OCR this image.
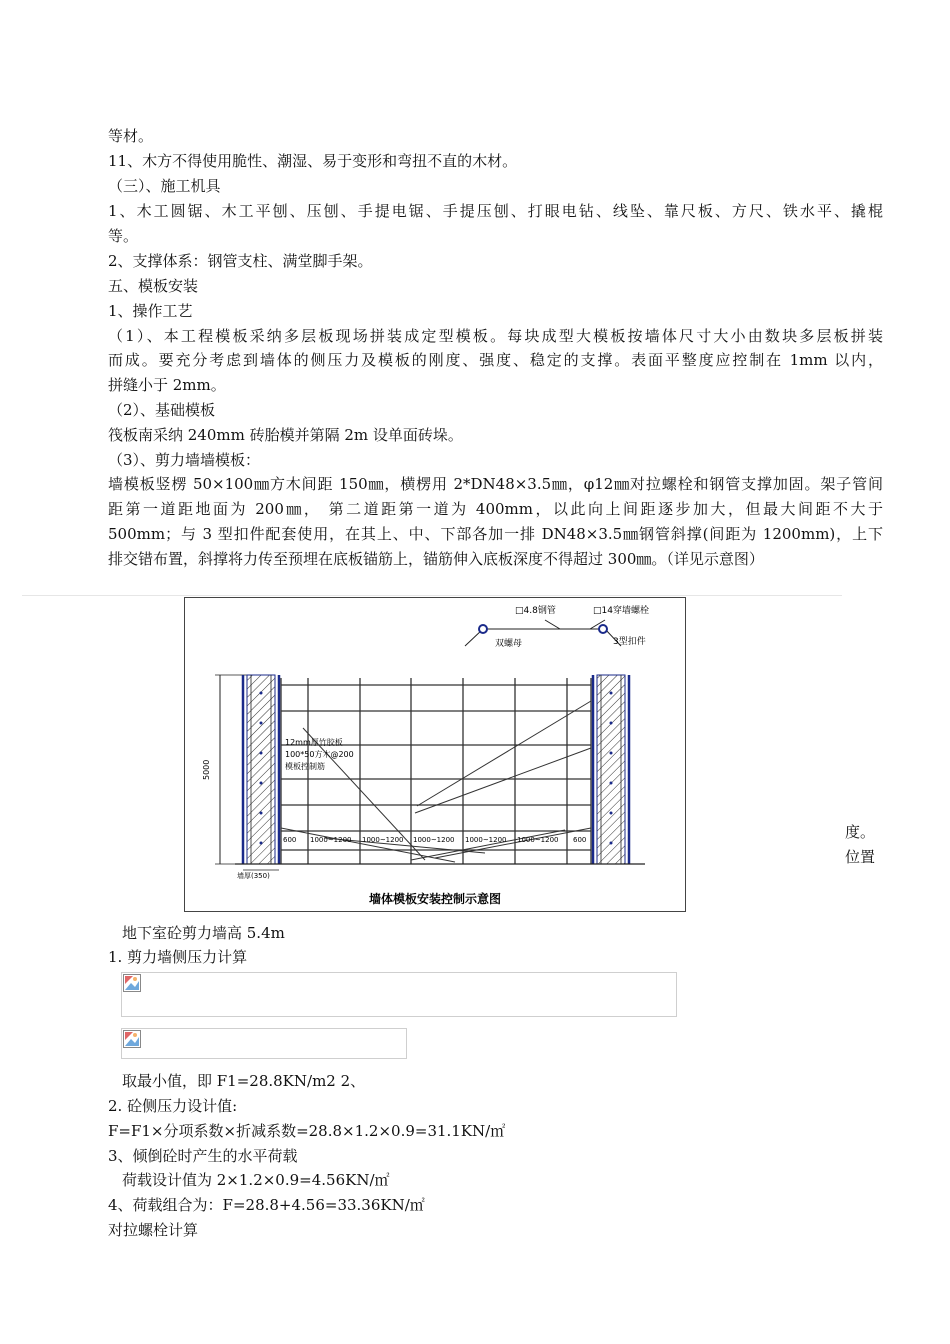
等材。
11、木方不得使用脆性、潮湿、易于变形和弯扭不直的木材。
（三）、施工机具
1、木工圆锯、木工平刨、压刨、手提电锯、手提压刨、打眼电钻、线坠、靠尺板、方尺、铁水平、撬棍
等。
2、支撑体系：钢管支柱、满堂脚手架。
五、模板安装
1、操作工艺
（1）、本工程模板采纳多层板现场拼装成定型模板。每块成型大模板按墙体尺寸大小由数块多层板拼装
而成。要充分考虑到墙体的侧压力及模板的刚度、强度、稳定的支撑。表面平整度应控制在 1mm 以内，
拼缝小于 2mm。
（2）、基础模板
筏板南采纳 240mm 砖胎模并第隔 2m 设单面砖垛。
（3）、剪力墙墙模板：
墙模板竖楞 50×100㎜方木间距 150㎜，横楞用 2*DN48×3.5㎜，φ12㎜对拉螺栓和钢管支撑加固。架子管间
距第一道距地面为 200㎜， 第二道距第一道为 400mm，以此向上间距逐步加大，但最大间距不大于
500mm；与 3 型扣件配套使用，在其上、中、下部各加一排 DN48×3.5㎜钢管斜撑(间距为 1200mm)，上下
排交错布置，斜撑将力传至预埋在底板锚筋上，锚筋伸入底板深度不得超过 300㎜。（详见示意图）
度。
位置
□4.8钢管	□14穿墙螺栓
双螺母	3型扣件
5000
12mm厚竹胶板
100*50方木@200
模板控制筋
600 1000~1200 1000~1200 1000~1200 1000~1200 1000~1200 600
墙厚(350)
墙体模板安装控制示意图
地下室砼剪力墙高 5.4m
1. 剪力墙侧压力计算
取最小值，即 F1=28.8KN/m2 2、
2. 砼侧压力设计值:
F=F1×分项系数×折减系数=28.8×1.2×0.9=31.1KN/㎡
3、倾倒砼时产生的水平荷载
荷载设计值为 2×1.2×0.9=4.56KN/㎡
4、荷载组合为：F=28.8+4.56=33.36KN/㎡
对拉螺栓计算
